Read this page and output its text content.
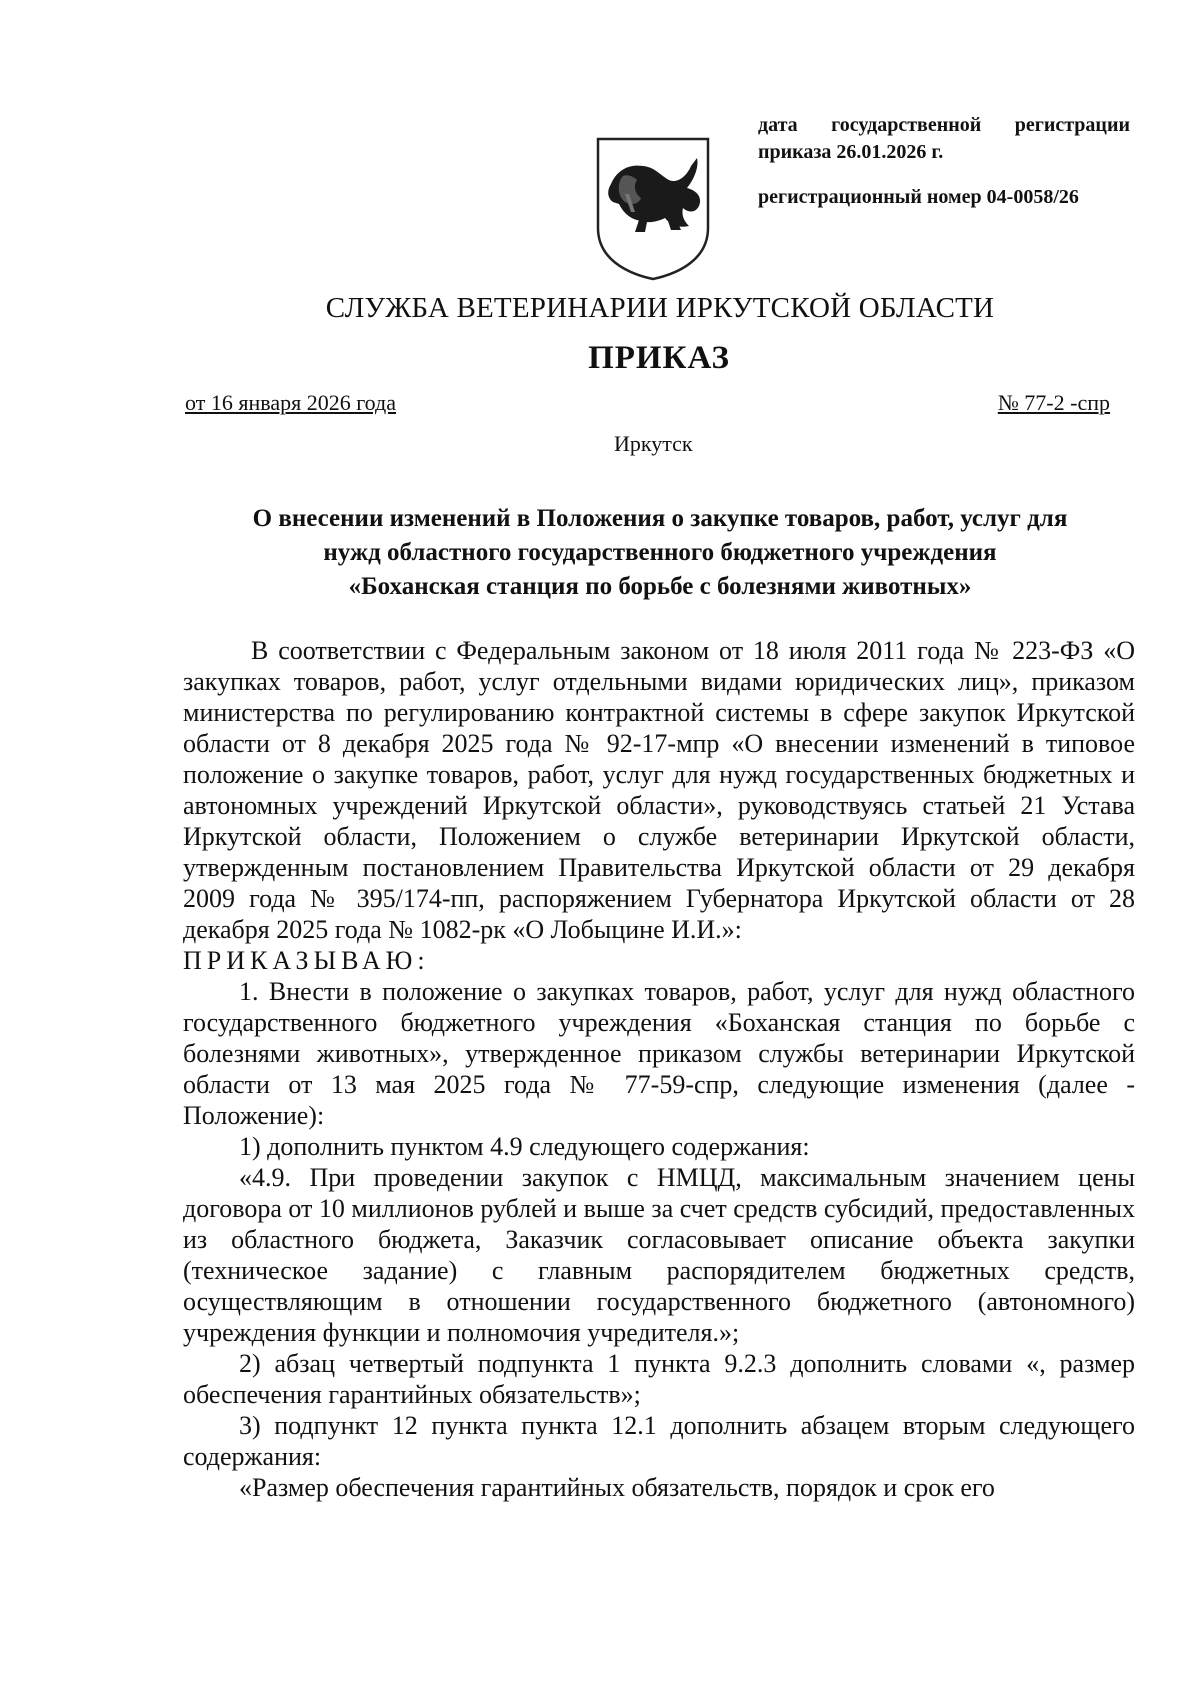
дата государственной регистрации
приказа 26.01.2026 г.
регистрационный номер 04-0058/26
СЛУЖБА ВЕТЕРИНАРИИ ИРКУТСКОЙ ОБЛАСТИ
ПРИКАЗ
от 16 января 2026 года	№ 77-2 -спр
Иркутск
О внесении изменений в Положения о закупке товаров, работ, услуг для
нужд областного государственного бюджетного учреждения
«Боханская станция по борьбе с болезнями животных»

В соответствии с Федеральным законом от 18 июля 2011 года № 223-ФЗ «О закупках товаров, работ, услуг отдельными видами юридических лиц», приказом министерства по регулированию контрактной системы в сфере закупок Иркутской области от 8 декабря 2025 года № 92-17-мпр «О внесении изменений в типовое положение о закупке товаров, работ, услуг для нужд государственных бюджетных и автономных учреждений Иркутской области», руководствуясь статьей 21 Устава Иркутской области, Положением о службе ветеринарии Иркутской области, утвержденным постановлением Правительства Иркутской области от 29 декабря 2009 года № 395/174-пп, распоряжением Губернатора Иркутской области от 28 декабря 2025 года № 1082-рк «О Лобыцине И.И.»:

ПРИКАЗЫВАЮ:

1. Внести в положение о закупках товаров, работ, услуг для нужд областного государственного бюджетного учреждения «Боханская станция по борьбе с болезнями животных», утвержденное приказом службы ветеринарии Иркутской области от 13 мая 2025 года № 77-59-спр, следующие изменения (далее - Положение):

1) дополнить пунктом 4.9 следующего содержания:

«4.9. При проведении закупок с НМЦД, максимальным значением цены договора от 10 миллионов рублей и выше за счет средств субсидий, предоставленных из областного бюджета, Заказчик согласовывает описание объекта закупки (техническое задание) с главным распорядителем бюджетных средств, осуществляющим в отношении государственного бюджетного (автономного) учреждения функции и полномочия учредителя.»;

2) абзац четвертый подпункта 1 пункта 9.2.3 дополнить словами «, размер обеспечения гарантийных обязательств»;

3) подпункт 12 пункта пункта 12.1 дополнить абзацем вторым следующего содержания:

«Размер обеспечения гарантийных обязательств, порядок и срок его
